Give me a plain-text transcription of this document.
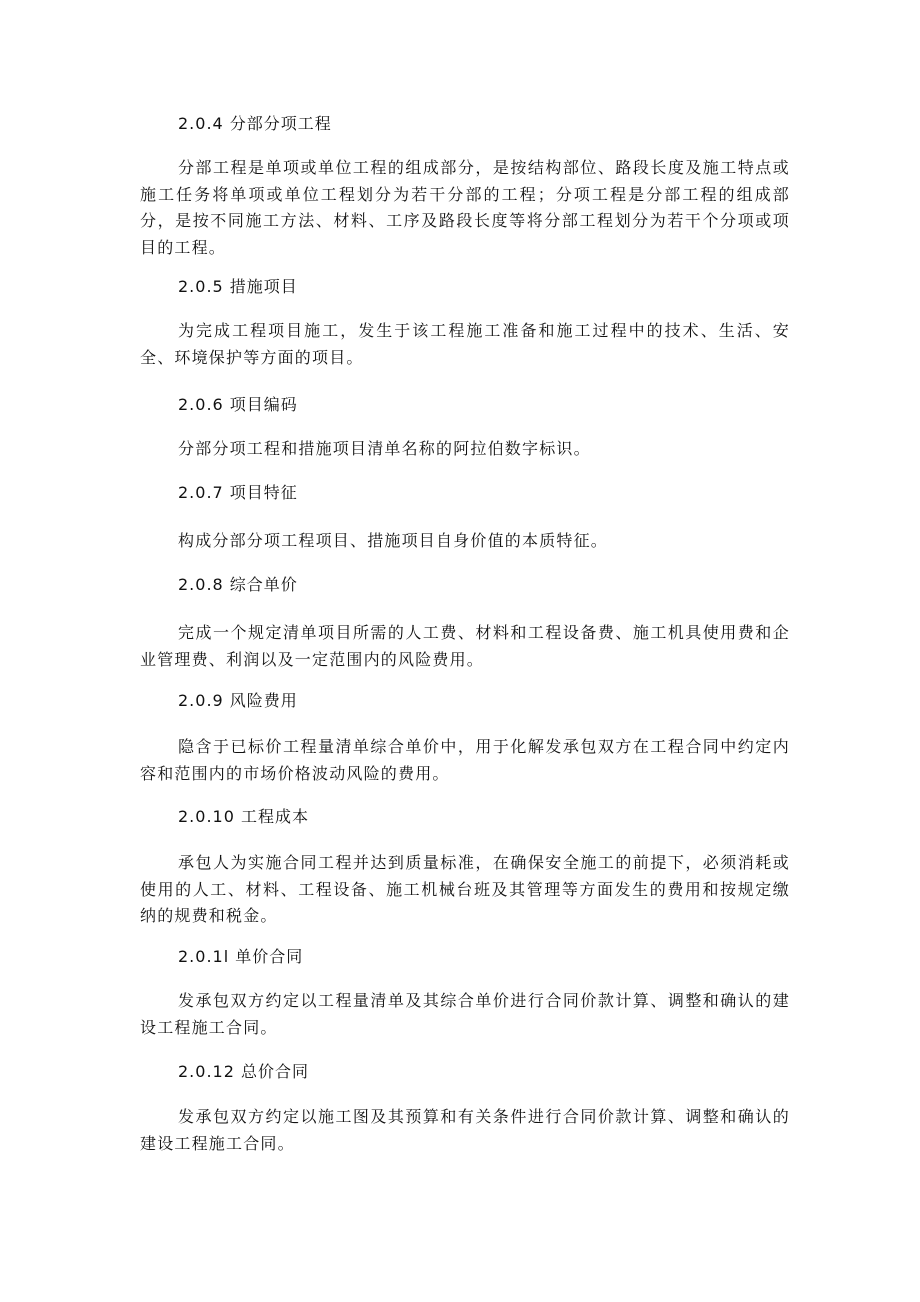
2.0.4 分部分项工程
分部工程是单项或单位工程的组成部分，是按结构部位、路段长度及施工特点或施工任务将单项或单位工程划分为若干分部的工程；分项工程是分部工程的组成部分，是按不同施工方法、材料、工序及路段长度等将分部工程划分为若干个分项或项目的工程。
2.0.5 措施项目
为完成工程项目施工，发生于该工程施工准备和施工过程中的技术、生活、安全、环境保护等方面的项目。
2.0.6 项目编码
分部分项工程和措施项目清单名称的阿拉伯数字标识。
2.0.7 项目特征
构成分部分项工程项目、措施项目自身价值的本质特征。
2.0.8 综合单价
完成一个规定清单项目所需的人工费、材料和工程设备费、施工机具使用费和企业管理费、利润以及一定范围内的风险费用。
2.0.9 风险费用
隐含于已标价工程量清单综合单价中，用于化解发承包双方在工程合同中约定内容和范围内的市场价格波动风险的费用。
2.0.10 工程成本
承包人为实施合同工程并达到质量标准，在确保安全施工的前提下，必须消耗或使用的人工、材料、工程设备、施工机械台班及其管理等方面发生的费用和按规定缴纳的规费和税金。
2.0.1l 单价合同
发承包双方约定以工程量清单及其综合单价进行合同价款计算、调整和确认的建设工程施工合同。
2.0.12 总价合同
发承包双方约定以施工图及其预算和有关条件进行合同价款计算、调整和确认的建设工程施工合同。
